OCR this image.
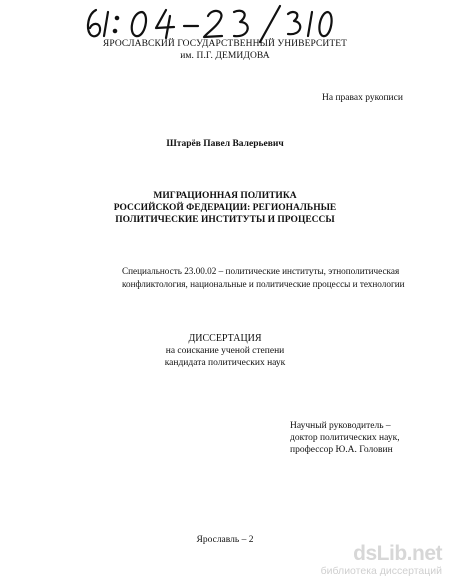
ЯРОСЛАВСКИЙ ГОСУДАРСТВЕННЫЙ УНИВЕРСИТЕТ
им. П.Г. ДЕМИДОВА
На правах рукописи
Штарёв Павел Валерьевич
МИГРАЦИОННАЯ ПОЛИТИКА
РОССИЙСКОЙ ФЕДЕРАЦИИ: РЕГИОНАЛЬНЫЕ
ПОЛИТИЧЕСКИЕ ИНСТИТУТЫ И ПРОЦЕССЫ
Специальность 23.00.02 – политические институты, этнополитическая
конфликтология, национальные и политические процессы и технологии
ДИССЕРТАЦИЯ
на соискание ученой степени
кандидата политических наук
Научный руководитель –
доктор политических наук,
профессор Ю.А. Головин
Ярославль – 2
dsLib.net
библиотека диссертаций
